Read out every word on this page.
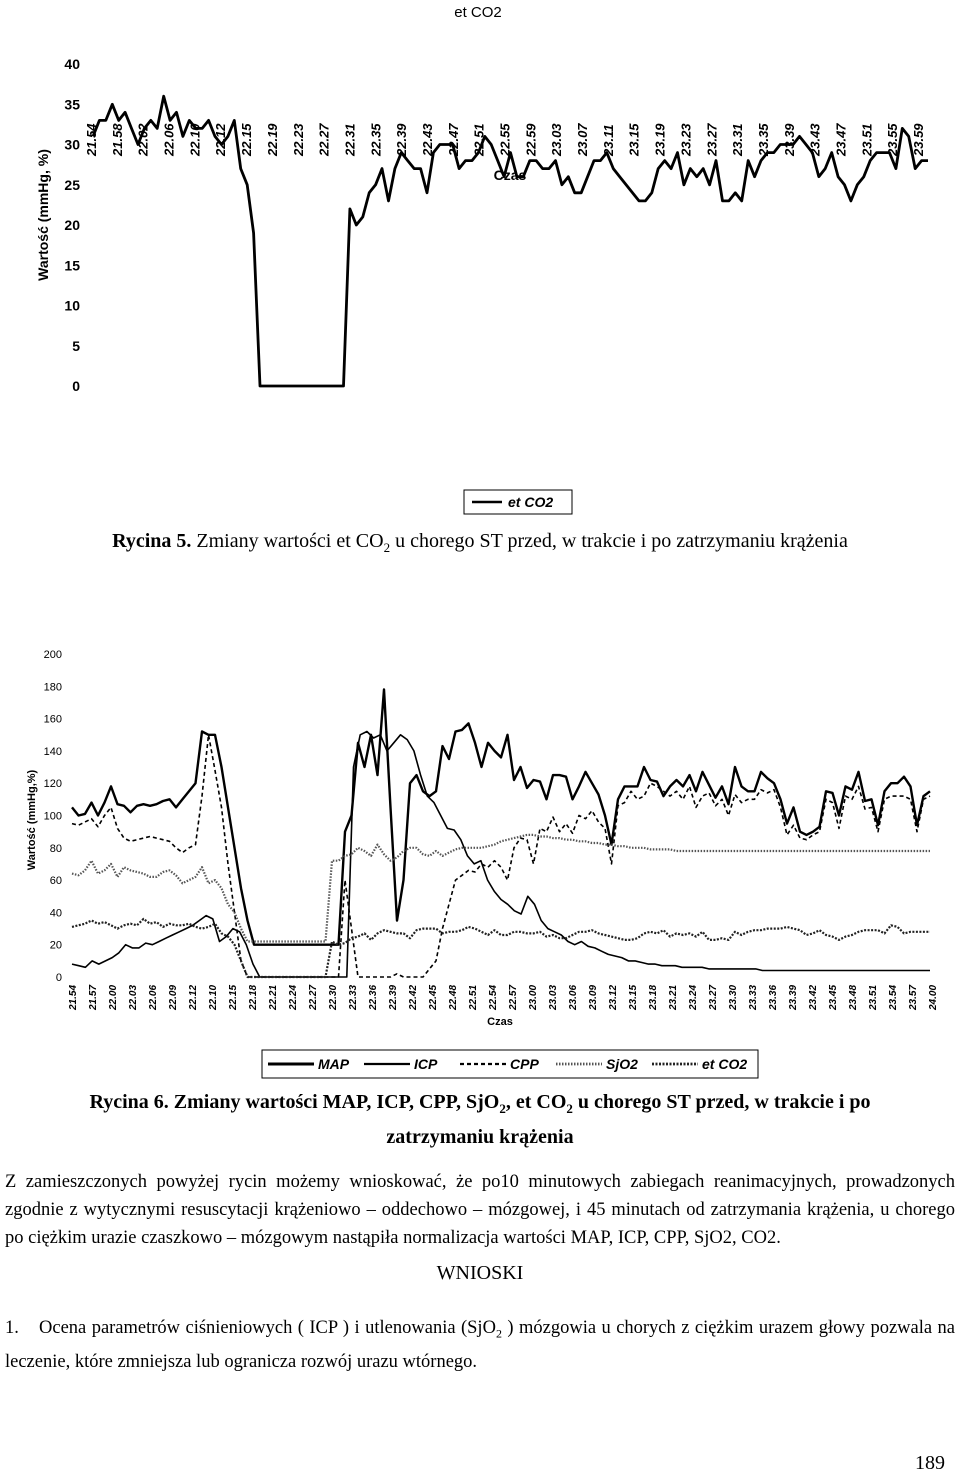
et CO2
0
5
10
15
20
25
30
35
40
Wartość (mmHg, %)
21.54 21.58 22.02 22.06 22.10 22.12 22.15 22.19 22.23 22.27 22.31 22.35 22.39 22.43 22.47 22.51 22.55 22.59 23.03 23.07 23.11 23.15 23.19 23.23 23.27 23.31 23.35 23.39 23.43 23.47 23.51 23.55 23.59
Czas
et CO2
Rycina 5. Zmiany wartości et $CO_2$ u chorego ST przed, w trakcie i po zatrzymaniu krążenia
0
20
40
60
80
100
120
140
160
180
200
Wartość (mmHg,%)
21.54 21.57 22.00 22.03 22.06 22.09 22.12 22.10 22.15 22.18 22.21 22.24 22.27 22.30 22.33 22.36 22.39 22.42 22.45 22.48 22.51 22.54 22.57 23.00 23.03 23.06 23.09 23.12 23.15 23.18 23.21 23.24 23.27 23.30 23.33 23.36 23.39 23.42 23.45 23.48 23.51 23.54 23.57 24.00
Czas
MAP	ICP	CPP	SjO2	et CO2
Rycina 6. Zmiany wartości MAP, ICP, CPP, SjO$_2$, et $CO_2$ u chorego ST przed, w trakcie i po
zatrzymaniu krążenia
Z zamieszczonych powyżej rycin możemy wnioskować, że po10 minutowych zabiegach reanimacyjnych, prowadzonych zgodnie z wytycznymi resuscytacji krążeniowo – oddechowo – mózgowej, i 45 minutach od zatrzymania krążenia, u chorego po ciężkim urazie czaszkowo – mózgowym nastąpiła normalizacja wartości MAP, ICP, CPP, SjO2, CO2.
WNIOSKI
1. Ocena parametrów ciśnieniowych ( ICP ) i utlenowania (SjO$_2$ ) mózgowia u chorych z ciężkim urazem głowy pozwala na leczenie, które zmniejsza lub ogranicza rozwój urazu wtórnego.
189
